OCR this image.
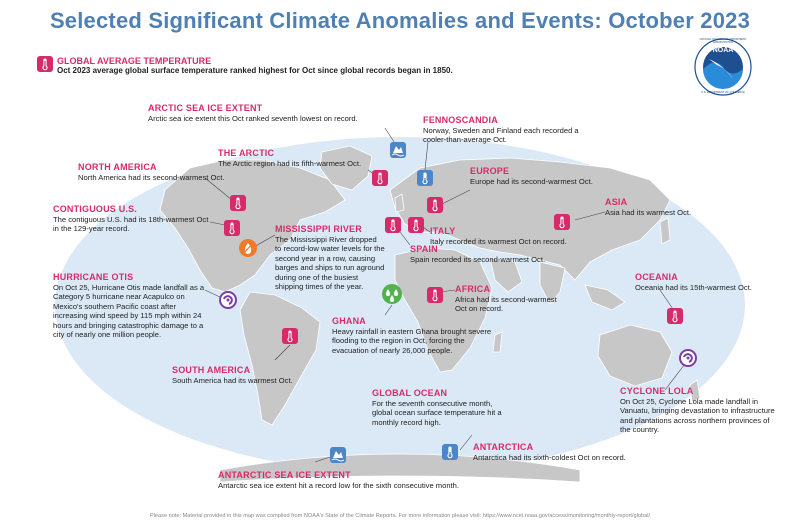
Selected Significant Climate Anomalies and Events: October 2023
GLOBAL AVERAGE TEMPERATURE
Oct 2023 average global surface temperature ranked highest for Oct since global records began in 1850.
NOAA
NATIONAL OCEANIC AND ATMOSPHERIC ADMINISTRATION
U.S. DEPARTMENT OF COMMERCE
ARCTIC SEA ICE EXTENT
Arctic sea ice extent this Oct ranked seventh lowest on record.	FENNOSCANDIA
Norway, Sweden and Finland each recorded a cooler-than-average Oct.
THE ARCTIC
The Arctic region had its fifth-warmest Oct.
NORTH AMERICA
North America had its second-warmest Oct.
EUROPE
Europe had its second-warmest Oct.
CONTIGUOUS U.S.
The contiguous U.S. had its 18th-warmest Oct in the 129-year record.	MISSISSIPPI RIVER
The Mississippi River dropped to record-low water levels for the second year in a row, causing barges and ships to run aground during one of the busiest shipping times of the year.
ITALY
Italy recorded its warmest Oct on record.
SPAIN
Spain recorded its second-warmest Oct.
ASIA
Asia had its warmest Oct.
HURRICANE OTIS
On Oct 25, Hurricane Otis made landfall as a Category 5 hurricane near Acapulco on Mexico's southern Pacific coast after increasing wind speed by 115 mph within 24 hours and bringing catastrophic damage to a city of nearly one million people.
AFRICA
Africa had its second-warmest Oct on record.
OCEANIA
Oceania had its 15th-warmest Oct.
GHANA
Heavy rainfall in eastern Ghana brought severe flooding to the region in Oct, forcing the evacuation of nearly 26,000 people.
SOUTH AMERICA
South America had its warmest Oct.
GLOBAL OCEAN
For the seventh consecutive month, global ocean surface temperature hit a monthly record high.
CYCLONE LOLA
On Oct 25, Cyclone Lola made landfall in Vanuatu, bringing devastation to infrastructure and plantations across northern provinces of the country.
ANTARCTICA
Antarctica had its sixth-coldest Oct on record.
ANTARCTIC SEA ICE EXTENT
Antarctic sea ice extent hit a record low for the sixth consecutive month.
Please note: Material provided in this map was compiled from NOAA's State of the Climate Reports. For more information please visit: https://www.ncei.noaa.gov/access/monitoring/monthly-report/global/
